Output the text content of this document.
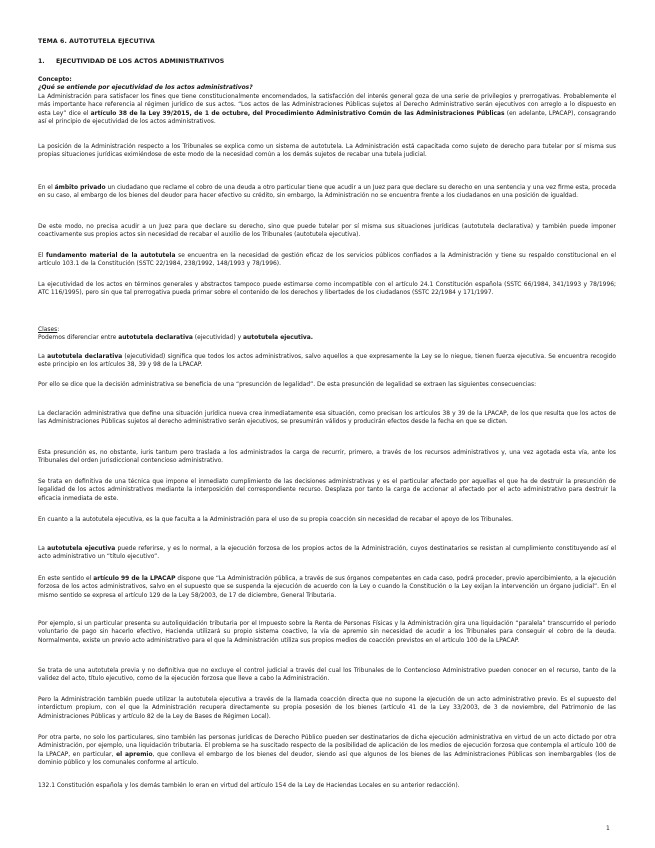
TEMA 6. AUTOTUTELA EJECUTIVA
1. EJECUTIVIDAD DE LOS ACTOS ADMINISTRATIVOS
Concepto:
¿Qué se entiende por ejecutividad de los actos administrativos?
La Administración para satisfacer los fines que tiene constitucionalmente encomendados, la satisfacción del interés general goza de una serie de privilegios y prerrogativas. Probablemente el más importante hace referencia al régimen jurídico de sus actos. “Los actos de las Administraciones Públicas sujetos al Derecho Administrativo serán ejecutivos con arreglo a lo dispuesto en esta Ley” dice el artículo 38 de la Ley 39/2015, de 1 de octubre, del Procedimiento Administrativo Común de las Administraciones Públicas (en adelante, LPACAP), consagrando así el principio de ejecutividad de los actos administrativos.
La posición de la Administración respecto a los Tribunales se explica como un sistema de autotutela. La Administración está capacitada como sujeto de derecho para tutelar por sí misma sus propias situaciones jurídicas eximiéndose de este modo de la necesidad común a los demás sujetos de recabar una tutela judicial.
En el ámbito privado un ciudadano que reclame el cobro de una deuda a otro particular tiene que acudir a un Juez para que declare su derecho en una sentencia y una vez firme esta, proceda en su caso, al embargo de los bienes del deudor para hacer efectivo su crédito, sin embargo, la Administración no se encuentra frente a los ciudadanos en una posición de igualdad.
De este modo, no precisa acudir a un Juez para que declare su derecho, sino que puede tutelar por sí misma sus situaciones jurídicas (autotutela declarativa) y también puede imponer coactivamente sus propios actos sin necesidad de recabar el auxilio de los Tribunales (autotutela ejecutiva).
El fundamento material de la autotutela se encuentra en la necesidad de gestión eficaz de los servicios públicos confiados a la Administración y tiene su respaldo constitucional en el artículo 103.1 de la Constitución (SSTC 22/1984, 238/1992, 148/1993 y 78/1996).
La ejecutividad de los actos en términos generales y abstractos tampoco puede estimarse como incompatible con el artículo 24.1 Constitución española (SSTC 66/1984, 341/1993 y 78/1996; ATC 116/1995), pero sin que tal prerrogativa pueda primar sobre el contenido de los derechos y libertades de los ciudadanos (SSTC 22/1984 y 171/1997.
Clases:
Podemos diferenciar entre autotutela declarativa (ejecutividad) y autotutela ejecutiva.
La autotutela declarativa (ejecutividad) significa que todos los actos administrativos, salvo aquellos a que expresamente la Ley se lo niegue, tienen fuerza ejecutiva. Se encuentra recogido este principio en los artículos 38, 39 y 98 de la LPACAP.
Por ello se dice que la decisión administrativa se beneficia de una “presunción de legalidad”. De esta presunción de legalidad se extraen las siguientes consecuencias:
La declaración administrativa que define una situación jurídica nueva crea inmediatamente esa situación, como precisan los artículos 38 y 39 de la LPACAP, de los que resulta que los actos de las Administraciones Públicas sujetos al derecho administrativo serán ejecutivos, se presumirán válidos y producirán efectos desde la fecha en que se dicten.
Esta presunción es, no obstante, iuris tantum pero traslada a los administrados la carga de recurrir, primero, a través de los recursos administrativos y, una vez agotada esta vía, ante los Tribunales del orden jurisdiccional contencioso administrativo.
Se trata en definitiva de una técnica que impone el inmediato cumplimiento de las decisiones administrativas y es el particular afectado por aquellas el que ha de destruir la presunción de legalidad de los actos administrativos mediante la interposición del correspondiente recurso. Desplaza por tanto la carga de accionar al afectado por el acto administrativo para destruir la eficacia inmediata de este.
En cuanto a la autotutela ejecutiva, es la que faculta a la Administración para el uso de su propia coacción sin necesidad de recabar el apoyo de los Tribunales.
La autotutela ejecutiva puede referirse, y es lo normal, a la ejecución forzosa de los propios actos de la Administración, cuyos destinatarios se resistan al cumplimiento constituyendo así el acto administrativo un “título ejecutivo”.
En este sentido el artículo 99 de la LPACAP dispone que “La Administración pública, a través de sus órganos competentes en cada caso, podrá proceder, previo apercibimiento, a la ejecución forzosa de los actos administrativos, salvo en el supuesto que se suspenda la ejecución de acuerdo con la Ley o cuando la Constitución o la Ley exijan la intervención un órgano judicial”. En el mismo sentido se expresa el artículo 129 de la Ley 58/2003, de 17 de diciembre, General Tributaria.
Por ejemplo, si un particular presenta su autoliquidación tributaria por el Impuesto sobre la Renta de Personas Físicas y la Administración gira una liquidación “paralela” transcurrido el periodo voluntario de pago sin hacerlo efectivo, Hacienda utilizará su propio sistema coactivo, la vía de apremio sin necesidad de acudir a los Tribunales para conseguir el cobro de la deuda. Normalmente, existe un previo acto administrativo para el que la Administración utiliza sus propios medios de coacción previstos en el artículo 100 de la LPACAP.
Se trata de una autotutela previa y no definitiva que no excluye el control judicial a través del cual los Tribunales de lo Contencioso Administrativo pueden conocer en el recurso, tanto de la validez del acto, título ejecutivo, como de la ejecución forzosa que lleve a cabo la Administración.
Pero la Administración también puede utilizar la autotutela ejecutiva a través de la llamada coacción directa que no supone la ejecución de un acto administrativo previo. Es el supuesto del interdictum propium, con el que la Administración recupera directamente su propia posesión de los bienes (artículo 41 de la Ley 33/2003, de 3 de noviembre, del Patrimonio de las Administraciones Públicas y artículo 82 de la Ley de Bases de Régimen Local).
Por otra parte, no solo los particulares, sino también las personas jurídicas de Derecho Público pueden ser destinatarios de dicha ejecución administrativa en virtud de un acto dictado por otra Administración, por ejemplo, una liquidación tributaria. El problema se ha suscitado respecto de la posibilidad de aplicación de los medios de ejecución forzosa que contempla el artículo 100 de la LPACAP, en particular, el apremio, que conlleva el embargo de los bienes del deudor, siendo así que algunos de los bienes de las Administraciones Públicas son inembargables (los de dominio público y los comunales conforme al artículo.
132.1 Constitución española y los demás también lo eran en virtud del artículo 154 de la Ley de Haciendas Locales en su anterior redacción).
1
